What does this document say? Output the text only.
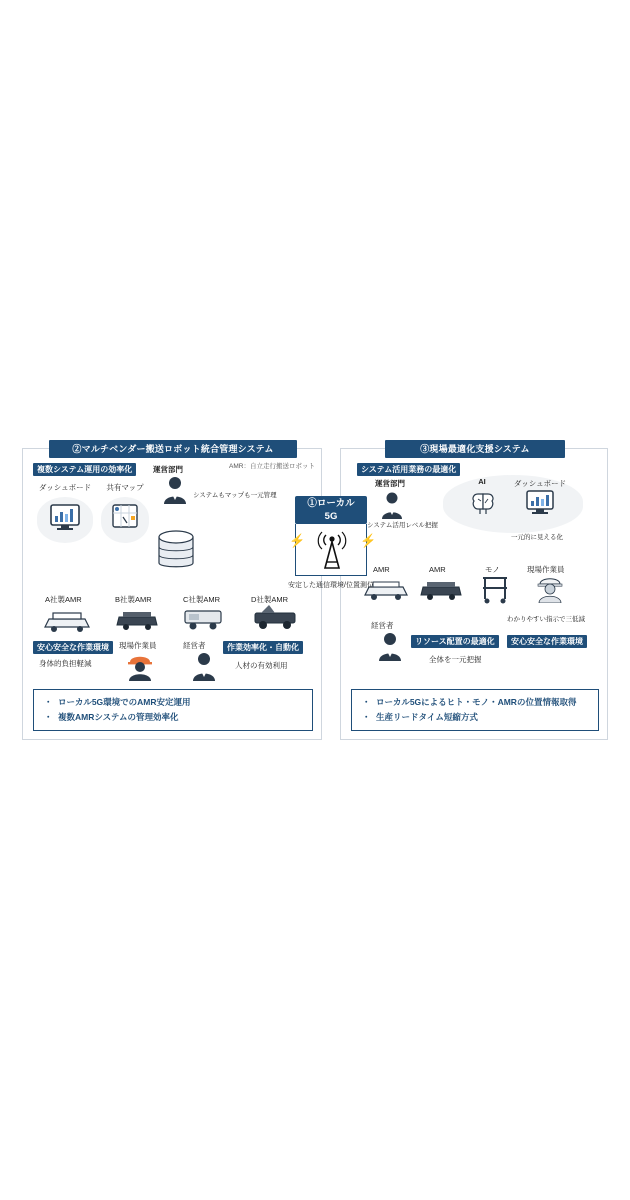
②マルチベンダー搬送ロボット統合管理システム
複数システム運用の効率化	運営部門	AMR：自立走行搬送ロボット
システムもマップも一元管理
ダッシュボード	共有マップ
A社製AMR	B社製AMR	C社製AMR	D社製AMR
安心安全な作業環境
身体的負担軽減
現場作業員	経営者	作業効率化・自動化
人材の有効利用
・ ローカル5G環境でのAMR安定運用
・ 複数AMRシステムの管理効率化
③現場最適化支援システム
システム活用業務の最適化
運営部門	AI	ダッシュボード
システム活用レベル把握
一元的に見える化
AMR	AMR	モノ	現場作業員
経営者
リソース配置の最適化
全体を一元把握
わかりやすい指示で三低減
安心安全な作業環境
・ ローカル5Gによるヒト・モノ・AMRの位置情報取得
・ 生産リードタイム短縮方式
①ローカル
5G
⚡	⚡
安定した通信環境/位置測位
